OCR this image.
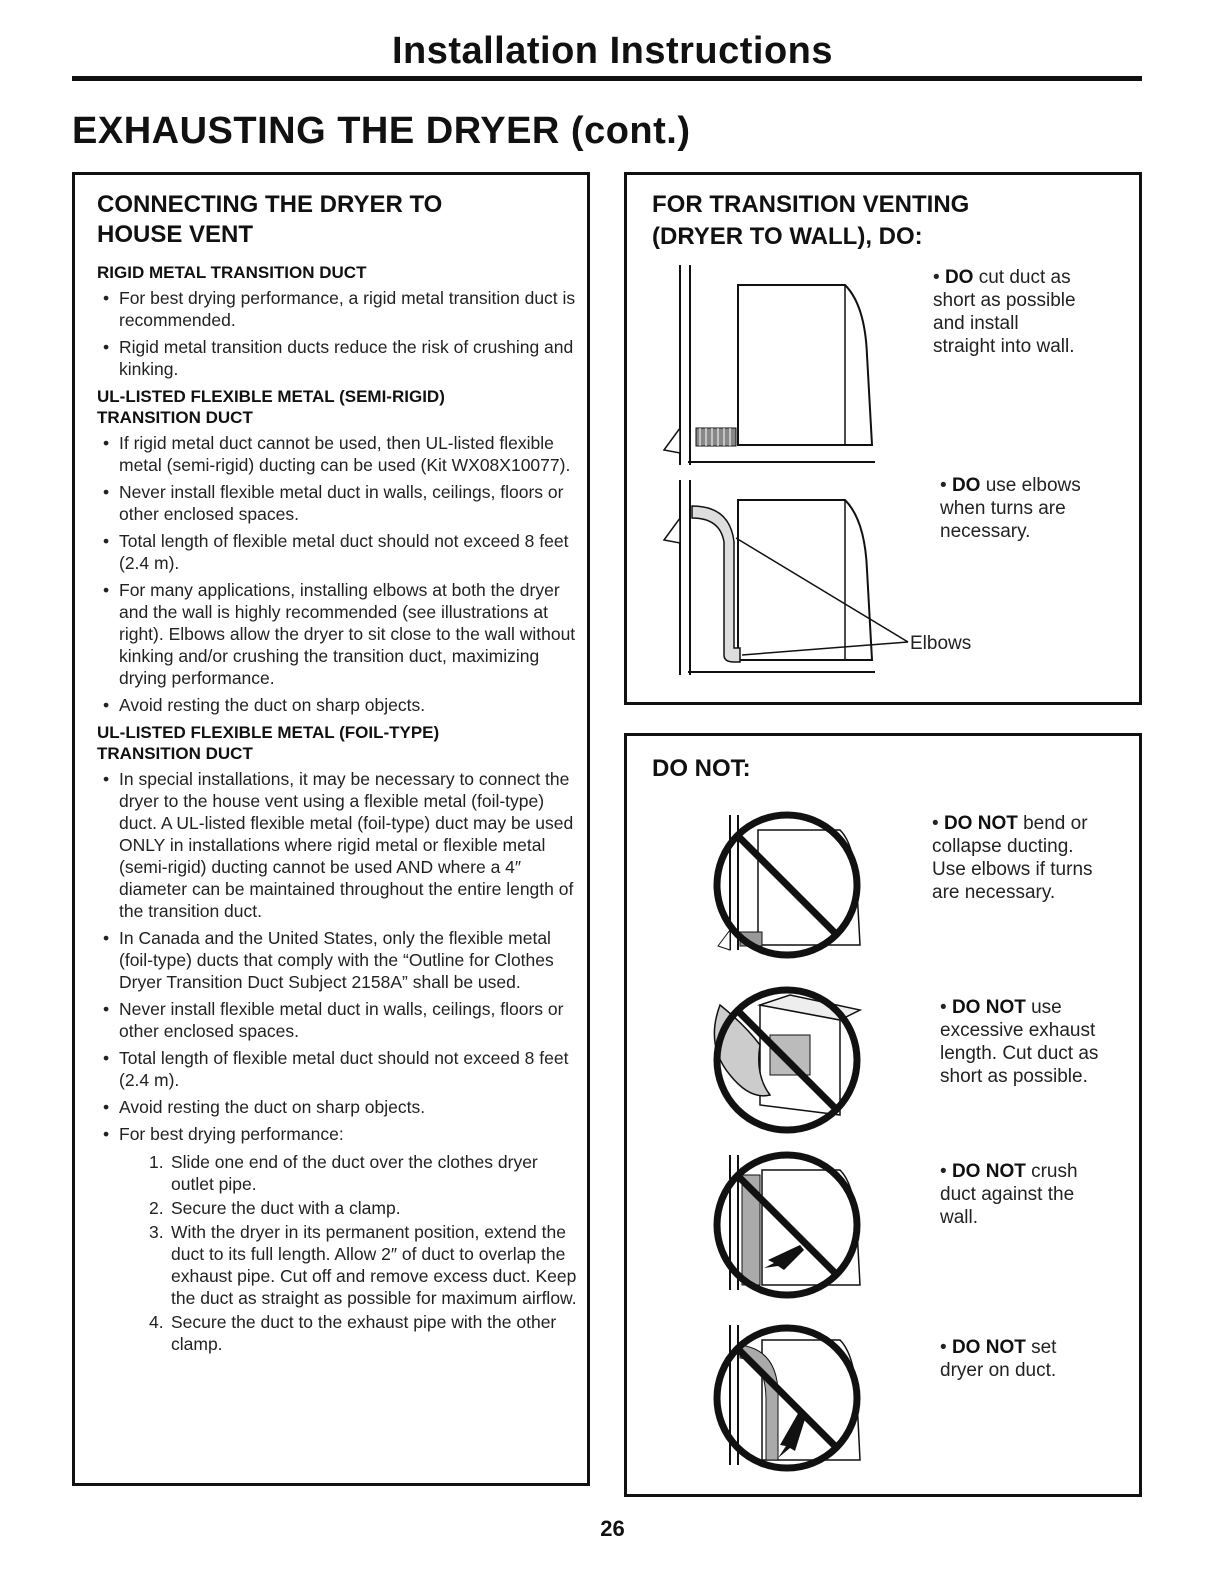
Installation Instructions
EXHAUSTING THE DRYER (cont.)
CONNECTING THE DRYER TO HOUSE VENT
RIGID METAL TRANSITION DUCT
• For best drying performance, a rigid metal transition duct is recommended.
• Rigid metal transition ducts reduce the risk of crushing and kinking.
UL-LISTED FLEXIBLE METAL (SEMI-RIGID) TRANSITION DUCT
• If rigid metal duct cannot be used, then UL-listed flexible metal (semi-rigid) ducting can be used (Kit WX08X10077).
• Never install flexible metal duct in walls, ceilings, floors or other enclosed spaces.
• Total length of flexible metal duct should not exceed 8 feet (2.4 m).
• For many applications, installing elbows at both the dryer and the wall is highly recommended (see illustrations at right). Elbows allow the dryer to sit close to the wall without kinking and/or crushing the transition duct, maximizing drying performance.
• Avoid resting the duct on sharp objects.
UL-LISTED FLEXIBLE METAL (FOIL-TYPE) TRANSITION DUCT
• In special installations, it may be necessary to connect the dryer to the house vent using a flexible metal (foil-type) duct. A UL-listed flexible metal (foil-type) duct may be used ONLY in installations where rigid metal or flexible metal (semi-rigid) ducting cannot be used AND where a 4″ diameter can be maintained throughout the entire length of the transition duct.
• In Canada and the United States, only the flexible metal (foil-type) ducts that comply with the “Outline for Clothes Dryer Transition Duct Subject 2158A” shall be used.
• Never install flexible metal duct in walls, ceilings, floors or other enclosed spaces.
• Total length of flexible metal duct should not exceed 8 feet (2.4 m).
• Avoid resting the duct on sharp objects.
• For best drying performance:
1. Slide one end of the duct over the clothes dryer outlet pipe.
2. Secure the duct with a clamp.
3. With the dryer in its permanent position, extend the duct to its full length. Allow 2″ of duct to overlap the exhaust pipe. Cut off and remove excess duct. Keep the duct as straight as possible for maximum airflow.
4. Secure the duct to the exhaust pipe with the other clamp.
FOR TRANSITION VENTING
(DRYER TO WALL), DO:
Elbows
• DO cut duct as short as possible and install straight into wall.
• DO use elbows when turns are necessary.
DO NOT:
• DO NOT bend or collapse ducting. Use elbows if turns are necessary.
• DO NOT use excessive exhaust length. Cut duct as short as possible.
• DO NOT crush duct against the wall.
• DO NOT set dryer on duct.
26
